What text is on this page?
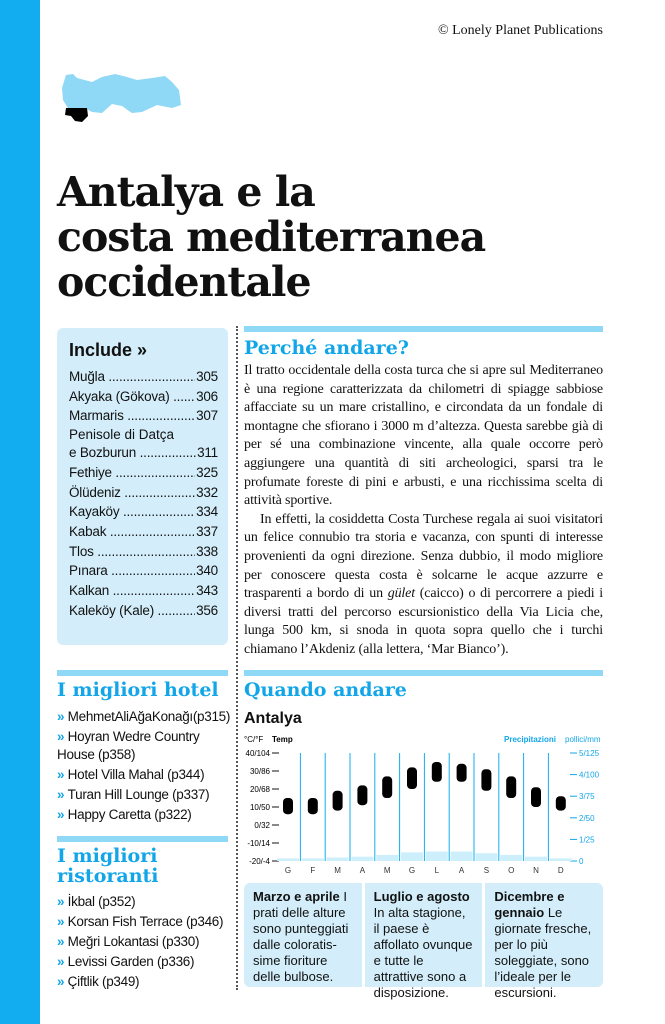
© Lonely Planet Publications
Antalya e la
costa mediterranea
occidentale
Include »
Muğla .....	305
Akyaka (Gökova) .....	306
Marmaris .....	307
Penisole di Datça
e Bozburun .....	311
Fethiye .....	325
Ölüdeniz .....	332
Kayaköy .....	334
Kabak .....	337
Tlos .....	338
Pınara .....	340
Kalkan .....	343
Kaleköy (Kale) .....	356
Perché andare?

Il tratto occidentale della costa turca che si apre sul Mediterraneo è una regione caratterizzata da chilometri di spiagge sabbiose affacciate su un mare cristallino, e circondata da un fondale di montagne che sfiorano i 3000 m d’altezza. Questa sarebbe già di per sé una combinazione vincente, alla quale occorre però aggiungere una quantità di siti archeologici, sparsi tra le profumate foreste di pini e arbusti, e una ricchissima scelta di attività sportive.

In effetti, la cosiddetta Costa Turchese regala ai suoi visitatori un felice connubio tra storia e vacanza, con spunti di interesse provenienti da ogni direzione. Senza dubbio, il modo migliore per conoscere questa costa è solcarne le acque azzurre e trasparenti a bordo di un gület (caicco) o di percorrere a piedi i diversi tratti del percorso escursionistico della Via Licia che, lunga 500 km, si snoda in quota sopra quello che i turchi chiamano l’Akdeniz (alla lettera, ‘Mar Bianco’).

I migliori hotel
» MehmetAliAğaKonağı(p315)
» Hoyran Wedre Country House (p358)
» Hotel Villa Mahal (p344)
» Turan Hill Lounge (p337)
» Happy Caretta (p322)
I migliori ristoranti
» İkbal (p352)
» Korsan Fish Terrace (p346)
» Meğri Lokantasi (p330)
» Levissi Garden (p336)
» Çiftlik (p349)
Quando andare
Antalya
°C/°F Temp	Precipitazioni pollici/mm
40/104
30/86
20/68
10/50
0/32
-10/14
-20/-4
5/125
4/100
3/75
2/50
1/25
0
G F M A M G L A S O N D
Marzo e aprile I prati delle alture sono punteggiati dalle coloratissime fioriture delle bulbose.
Luglio e agosto In alta stagione, il paese è affollato ovunque e tutte le attrattive sono a disposizione.
Dicembre e gennaio Le giornate fresche, per lo più soleggiate, sono l’ideale per le escursioni.
